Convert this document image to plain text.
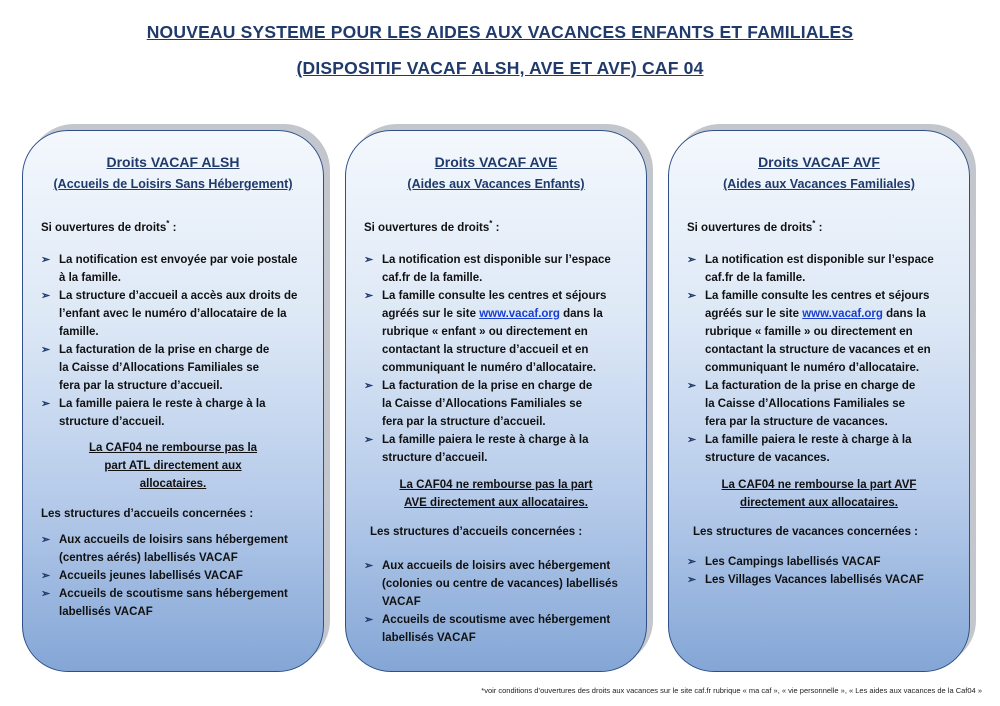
NOUVEAU SYSTEME POUR LES AIDES AUX VACANCES ENFANTS ET FAMILIALES
(DISPOSITIF VACAF ALSH, AVE ET AVF) CAF 04
Droits VACAF ALSH
(Accueils de Loisirs Sans Hébergement)
Si ouvertures de droits* :
➢ La notification est envoyée par voie postale à la famille.
➢ La structure d’accueil a accès aux droits de l’enfant avec le numéro d’allocataire de la famille.
➢ La facturation de la prise en charge de la Caisse d’Allocations Familiales se fera par la structure d’accueil.
➢ La famille paiera le reste à charge à la structure d’accueil.
La CAF04 ne rembourse pas la part ATL directement aux allocataires.
Les structures d’accueils concernées :
➢ Aux accueils de loisirs sans hébergement (centres aérés) labellisés VACAF
➢ Accueils jeunes labellisés VACAF
➢ Accueils de scoutisme sans hébergement labellisés VACAF
Droits VACAF AVE
(Aides aux Vacances Enfants)
Si ouvertures de droits* :
➢ La notification est disponible sur l’espace caf.fr de la famille.
➢ La famille consulte les centres et séjours agréés sur le site www.vacaf.org dans la rubrique « enfant » ou directement en contactant la structure d’accueil et en communiquant le numéro d’allocataire.
➢ La facturation de la prise en charge de la Caisse d’Allocations Familiales se fera par la structure d’accueil.
➢ La famille paiera le reste à charge à la structure d’accueil.
La CAF04 ne rembourse pas la part AVE directement aux allocataires.
Les structures d’accueils concernées :
➢ Aux accueils de loisirs avec hébergement (colonies ou centre de vacances) labellisés VACAF
➢ Accueils de scoutisme avec hébergement labellisés VACAF
Droits VACAF AVF
(Aides aux Vacances Familiales)
Si ouvertures de droits* :
➢ La notification est disponible sur l’espace caf.fr de la famille.
➢ La famille consulte les centres et séjours agréés sur le site www.vacaf.org dans la rubrique « famille » ou directement en contactant la structure de vacances et en communiquant le numéro d’allocataire.
➢ La facturation de la prise en charge de la Caisse d’Allocations Familiales se fera par la structure de vacances.
➢ La famille paiera le reste à charge à la structure de vacances.
La CAF04 ne rembourse la part AVF directement aux allocataires.
Les structures de vacances concernées :
➢ Les Campings labellisés VACAF
➢ Les Villages Vacances labellisés VACAF
*voir conditions d’ouvertures des droits aux vacances sur le site caf.fr rubrique « ma caf », « vie personnelle », « Les aides aux vacances de la Caf04 »
